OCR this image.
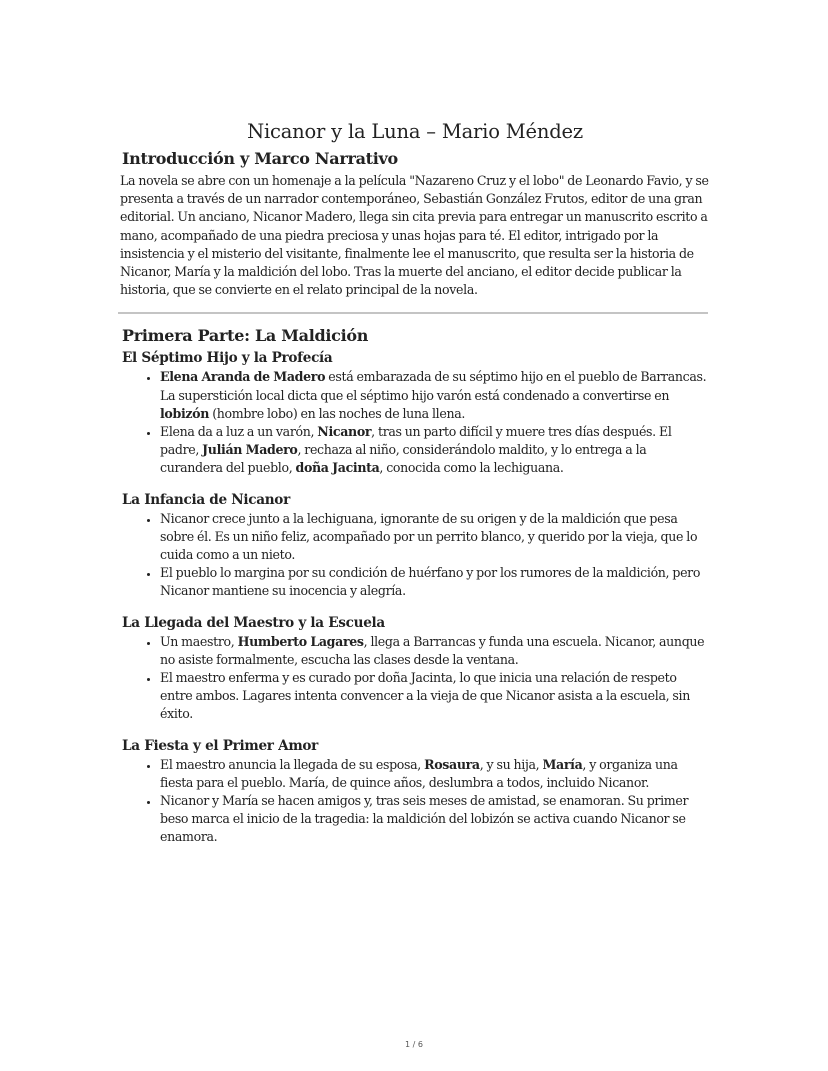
Nicanor y la Luna – Mario Méndez
Introducción y Marco Narrativo

La novela se abre con un homenaje a la película "Nazareno Cruz y el lobo" de Leonardo Favio, y se presenta a través de un narrador contemporáneo, Sebastián González Frutos, editor de una gran editorial. Un anciano, Nicanor Madero, llega sin cita previa para entregar un manuscrito escrito a mano, acompañado de una piedra preciosa y unas hojas para té. El editor, intrigado por la insistencia y el misterio del visitante, finalmente lee el manuscrito, que resulta ser la historia de Nicanor, María y la maldición del lobo. Tras la muerte del anciano, el editor decide publicar la historia, que se convierte en el relato principal de la novela.

Primera Parte: La Maldición
El Séptimo Hijo y la Profecía
• Elena Aranda de Madero está embarazada de su séptimo hijo en el pueblo de Barrancas. La superstición local dicta que el séptimo hijo varón está condenado a convertirse en lobizón (hombre lobo) en las noches de luna llena.
• Elena da a luz a un varón, Nicanor, tras un parto difícil y muere tres días después. El padre, Julián Madero, rechaza al niño, considerándolo maldito, y lo entrega a la curandera del pueblo, doña Jacinta, conocida como la lechiguana.
La Infancia de Nicanor
• Nicanor crece junto a la lechiguana, ignorante de su origen y de la maldición que pesa sobre él. Es un niño feliz, acompañado por un perrito blanco, y querido por la vieja, que lo cuida como a un nieto.
• El pueblo lo margina por su condición de huérfano y por los rumores de la maldición, pero Nicanor mantiene su inocencia y alegría.
La Llegada del Maestro y la Escuela
• Un maestro, Humberto Lagares, llega a Barrancas y funda una escuela. Nicanor, aunque no asiste formalmente, escucha las clases desde la ventana.
• El maestro enferma y es curado por doña Jacinta, lo que inicia una relación de respeto entre ambos. Lagares intenta convencer a la vieja de que Nicanor asista a la escuela, sin éxito.
La Fiesta y el Primer Amor
• El maestro anuncia la llegada de su esposa, Rosaura, y su hija, María, y organiza una fiesta para el pueblo. María, de quince años, deslumbra a todos, incluido Nicanor.
• Nicanor y María se hacen amigos y, tras seis meses de amistad, se enamoran. Su primer beso marca el inicio de la tragedia: la maldición del lobizón se activa cuando Nicanor se enamora.
1 / 6
